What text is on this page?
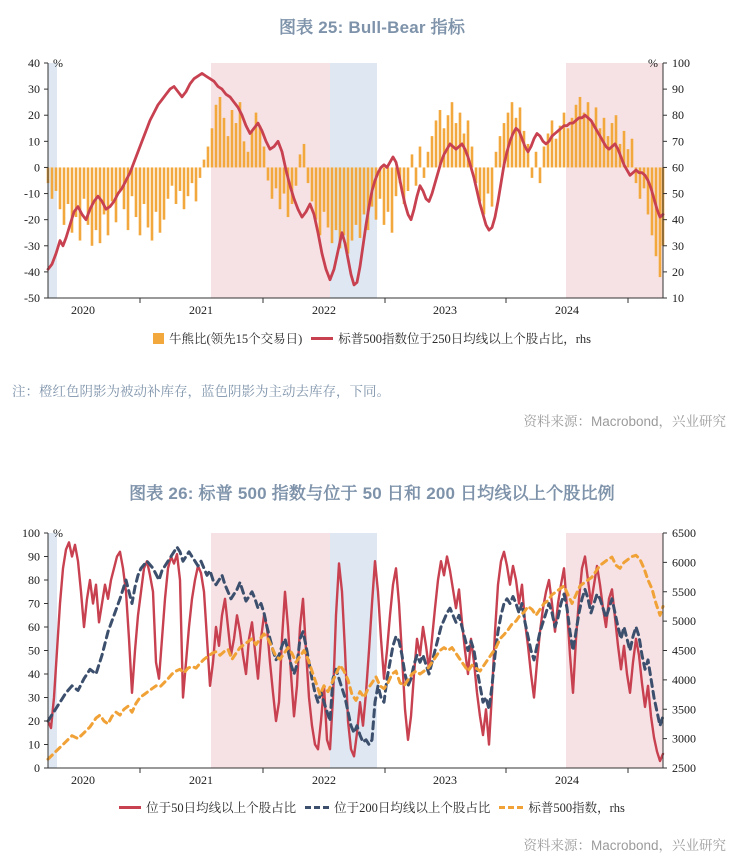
图表 25: Bull-Bear 指标
40
30
20
10
0
-10
-20
-30
-40
-50
100
90
80
70
60
50
40
30
20
10
%	%
2020	2021	2022	2023	2024
100
90
80
70
60
50
40
30
20
10
0
6500
6000
5500
5000
4500
4000
3500
3000
2500
%
2020	2021	2022	2023	2024
牛熊比(领先15个交易日)	标普500指数位于250日均线以上个股占比，rhs
注：橙红色阴影为被动补库存，蓝色阴影为主动去库存，下同。
资料来源：Macrobond，兴业研究
图表 26: 标普 500 指数与位于 50 日和 200 日均线以上个股比例
位于50日均线以上个股占比	位于200日均线以上个股占比	标普500指数，rhs
资料来源：Macrobond，兴业研究
